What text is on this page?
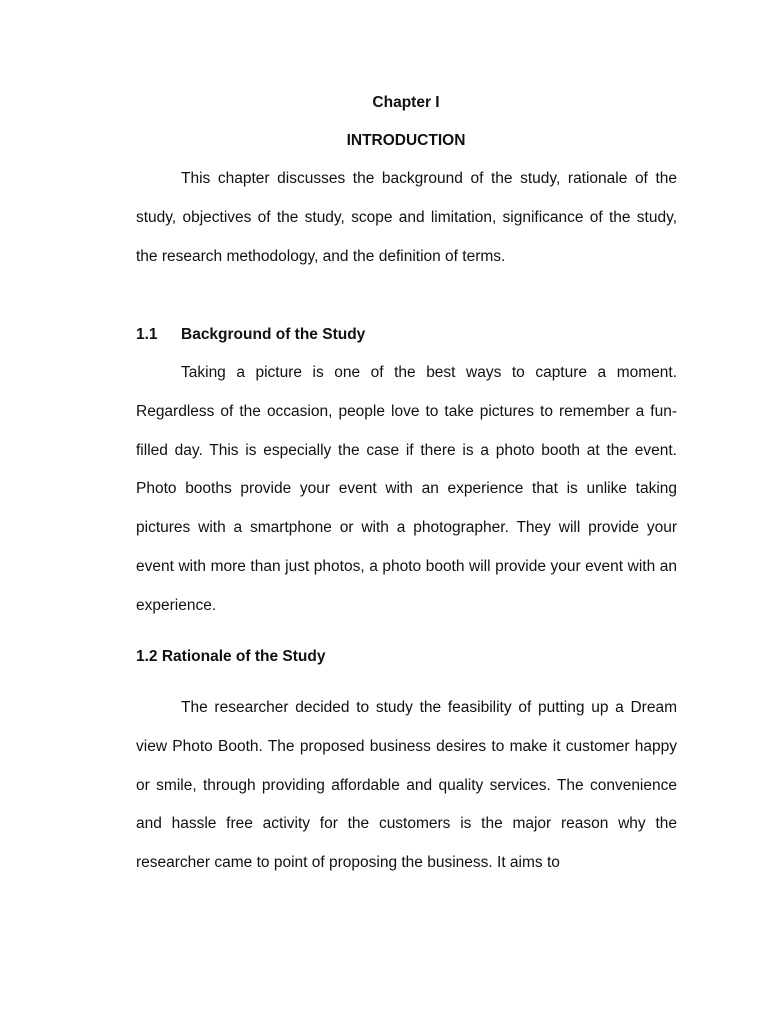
Chapter I
INTRODUCTION

This chapter discusses the background of the study, rationale of the study, objectives of the study, scope and limitation, significance of the study, the research methodology, and the definition of terms.

1.1 Background of the Study

Taking a picture is one of the best ways to capture a moment. Regardless of the occasion, people love to take pictures to remember a fun-filled day. This is especially the case if there is a photo booth at the event. Photo booths provide your event with an experience that is unlike taking pictures with a smartphone or with a photographer. They will provide your event with more than just photos, a photo booth will provide your event with an experience.

1.2 Rationale of the Study

The researcher decided to study the feasibility of putting up a Dream view Photo Booth. The proposed business desires to make it customer happy or smile, through providing affordable and quality services. The convenience and hassle free activity for the customers is the major reason why the researcher came to point of proposing the business. It aims to
